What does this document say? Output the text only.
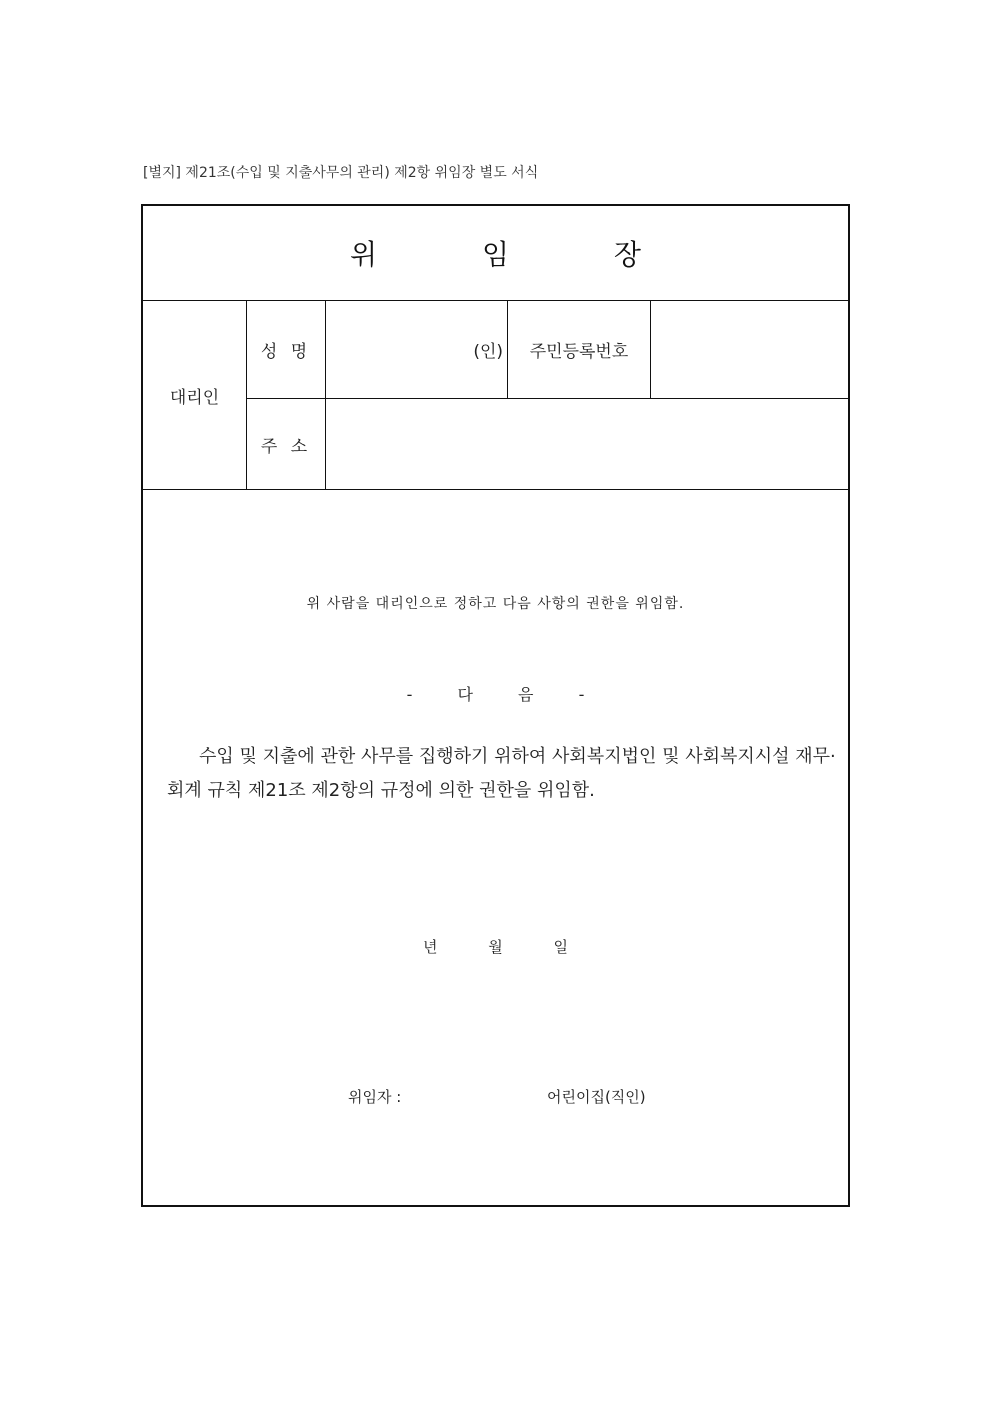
[별지] 제21조(수입 및 지출사무의 관리) 제2항 위임장 별도 서식
위 임 장
대리인
성 명	(인) 주민등록번호
주 소
위 사람을 대리인으로 정하고 다음 사항의 권한을 위임함.
- 다 음 -
수입 및 지출에 관한 사무를 집행하기 위하여 사회복지법인 및 사회복지시설 재무·회계 규칙 제21조 제2항의 규정에 의한 권한을 위임함.
년 월 일
위임자 :	어린이집(직인)
